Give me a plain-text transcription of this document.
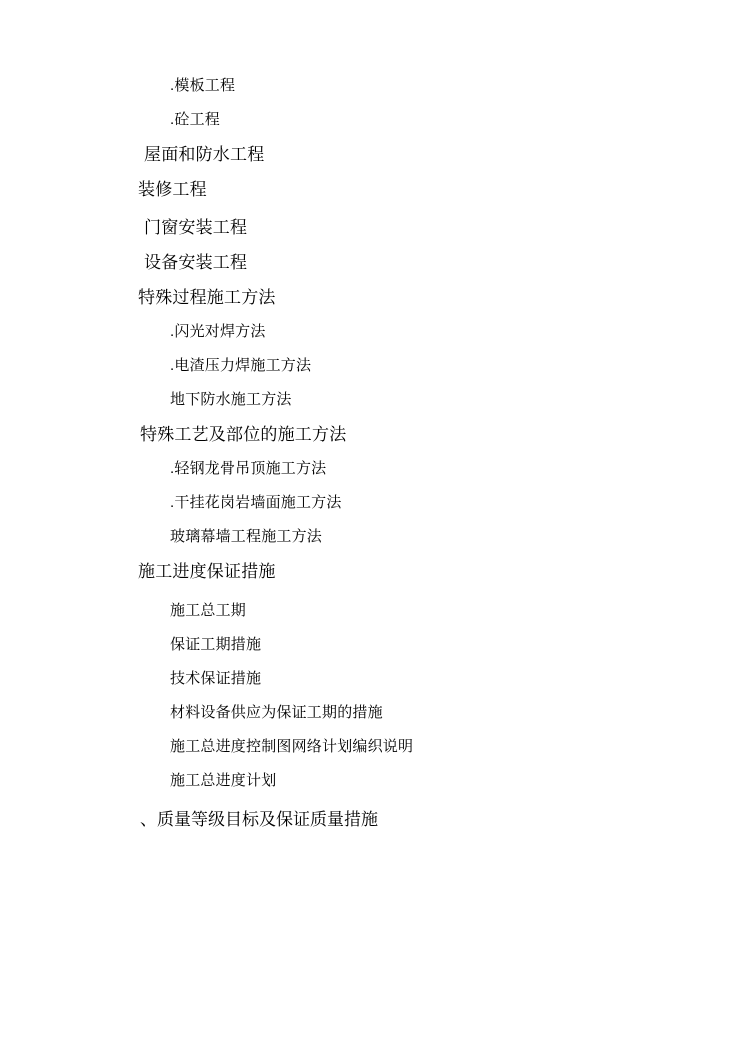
.模板工程
.砼工程
屋面和防水工程
装修工程
门窗安装工程
设备安装工程
特殊过程施工方法
.闪光对焊方法
.电渣压力焊施工方法
地下防水施工方法
特殊工艺及部位的施工方法
.轻钢龙骨吊顶施工方法
.干挂花岗岩墙面施工方法
玻璃幕墙工程施工方法
施工进度保证措施
施工总工期
保证工期措施
技术保证措施
材料设备供应为保证工期的措施
施工总进度控制图网络计划编织说明
施工总进度计划
、质量等级目标及保证质量措施
